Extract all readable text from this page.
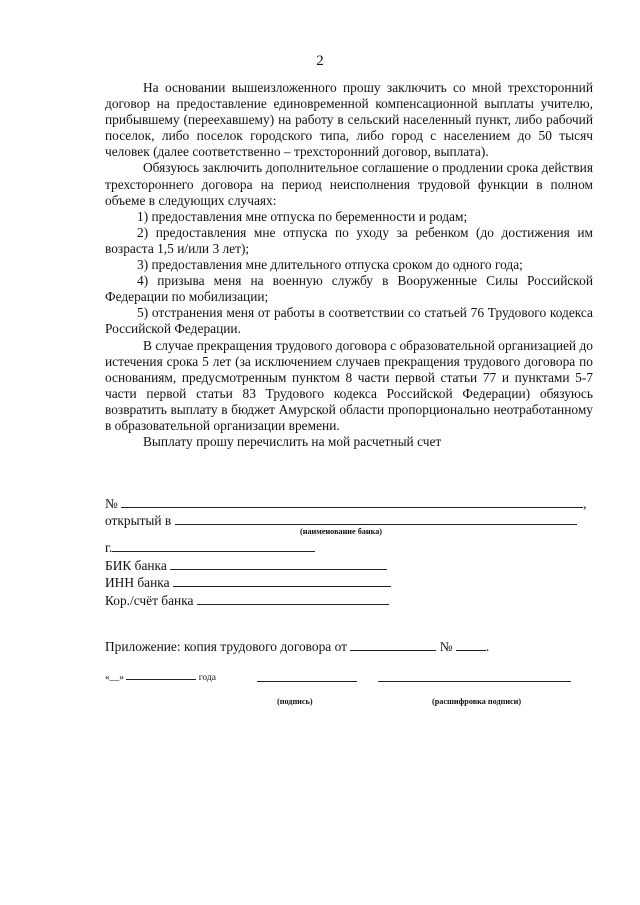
2

На основании вышеизложенного прошу заключить со мной трехсторонний договор на предоставление единовременной компенсационной выплаты учителю, прибывшему (переехавшему) на работу в сельский населенный пункт, либо рабочий поселок, либо поселок городского типа, либо город с населением до 50 тысяч человек (далее соответственно – трехсторонний договор, выплата).

Обязуюсь заключить дополнительное соглашение о продлении срока действия трехстороннего договора на период неисполнения трудовой функции в полном объеме в следующих случаях:

1) предоставления мне отпуска по беременности и родам;

2) предоставления мне отпуска по уходу за ребенком (до достижения им возраста 1,5 и/или 3 лет);

3) предоставления мне длительного отпуска сроком до одного года;

4) призыва меня на военную службу в Вооруженные Силы Российской Федерации по мобилизации;

5) отстранения меня от работы в соответствии со статьей 76 Трудового кодекса Российской Федерации.

В случае прекращения трудового договора с образовательной организацией до истечения срока 5 лет (за исключением случаев прекращения трудового договора по основаниям, предусмотренным пунктом 8 части первой статьи 77 и пунктами 5-7 части первой статьи 83 Трудового кодекса Российской Федерации) обязуюсь возвратить выплату в бюджет Амурской области пропорционально неотработанному в образовательной организации времени.

Выплату прошу перечислить на мой расчетный счет

№	,
открытый в
(наименование банка)
г.
БИК банка
ИНН банка
Кор./счёт банка
Приложение: копия трудового договора от	№ .
«__»	года
(подпись)	(расшифровка подписи)
